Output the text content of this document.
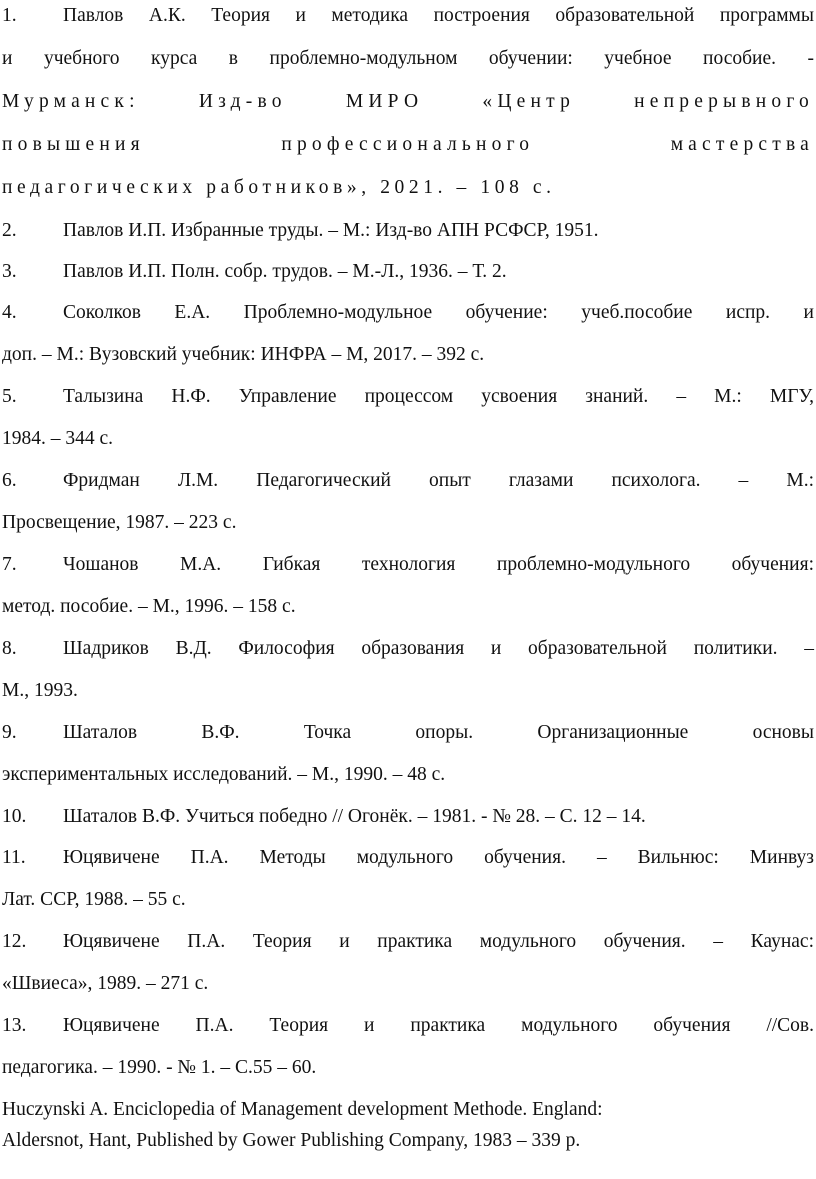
1. Павлов А.К. Теория и методика построения образовательной программы
и учебного курса в проблемно-модульном обучении: учебное пособие. -
Мурманск: Изд-во МИРО «Центр непрерывного
повышения профессионального мастерства
педагогических работников», 2021. – 108 с.
2. Павлов И.П. Избранные труды. – М.: Изд-во АПН РСФСР, 1951.
3. Павлов И.П. Полн. собр. трудов. – М.-Л., 1936. – Т. 2.
4. Соколков Е.А. Проблемно-модульное обучение: учеб.пособие испр. и
доп. – М.: Вузовский учебник: ИНФРА – М, 2017. – 392 с.
5. Талызина Н.Ф. Управление процессом усвоения знаний. – М.: МГУ,
1984. – 344 с.
6. Фридман Л.М. Педагогический опыт глазами психолога. – М.:
Просвещение, 1987. – 223 с.
7. Чошанов М.А. Гибкая технология проблемно-модульного обучения:
метод. пособие. – М., 1996. – 158 с.
8. Шадриков В.Д. Философия образования и образовательной политики. –
М., 1993.
9. Шаталов В.Ф. Точка опоры. Организационные основы
экспериментальных исследований. – М., 1990. – 48 с.
10. Шаталов В.Ф. Учиться победно // Огонёк. – 1981. - № 28. – С. 12 – 14.
11. Юцявичене П.А. Методы модульного обучения. – Вильнюс: Минвуз
Лат. ССР, 1988. – 55 с.
12. Юцявичене П.А. Теория и практика модульного обучения. – Каунас:
«Швиеса», 1989. – 271 с.
13. Юцявичене П.А. Теория и практика модульного обучения //Сов.
педагогика. – 1990. - № 1. – С.55 – 60.
Huczynski A. Enciclopedia of Management development Methode. England:
Aldersnot, Hant, Published by Gower Publishing Company, 1983 – 339 p.
